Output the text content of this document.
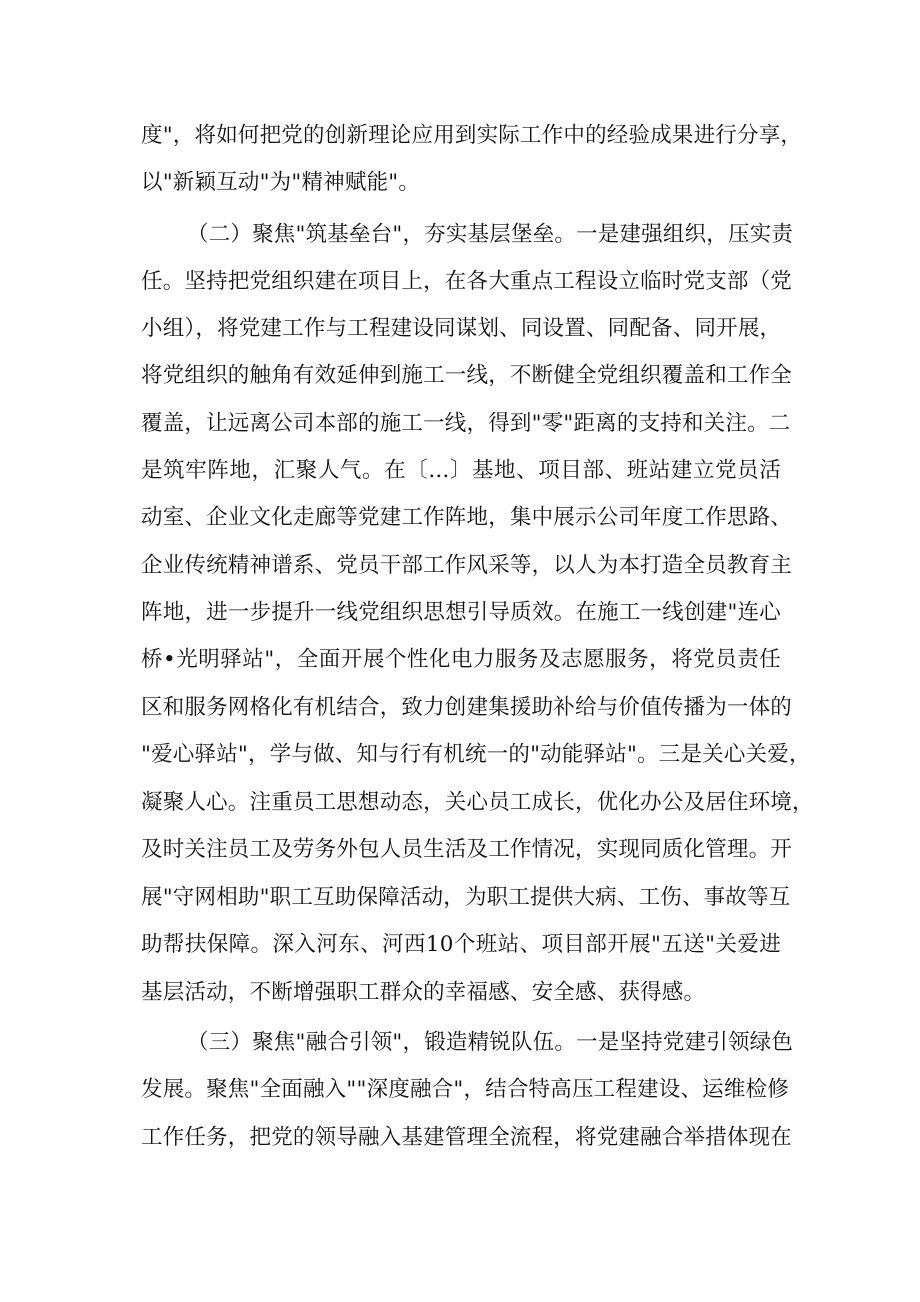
度"，将如何把党的创新理论应用到实际工作中的经验成果进行分享，
以"新颖互动"为"精神赋能"。
（二）聚焦"筑基垒台"，夯实基层堡垒。一是建强组织，压实责
任。坚持把党组织建在项目上，在各大重点工程设立临时党支部（党
小组），将党建工作与工程建设同谋划、同设置、同配备、同开展，
将党组织的触角有效延伸到施工一线，不断健全党组织覆盖和工作全
覆盖，让远离公司本部的施工一线，得到"零"距离的支持和关注。二
是筑牢阵地，汇聚人气。在〔...〕基地、项目部、班站建立党员活
动室、企业文化走廊等党建工作阵地，集中展示公司年度工作思路、
企业传统精神谱系、党员干部工作风采等，以人为本打造全员教育主
阵地，进一步提升一线党组织思想引导质效。在施工一线创建"连心
桥•光明驿站"，全面开展个性化电力服务及志愿服务，将党员责任
区和服务网格化有机结合，致力创建集援助补给与价值传播为一体的
"爱心驿站"，学与做、知与行有机统一的"动能驿站"。三是关心关爱，
凝聚人心。注重员工思想动态，关心员工成长，优化办公及居住环境，
及时关注员工及劳务外包人员生活及工作情况，实现同质化管理。开
展"守网相助"职工互助保障活动，为职工提供大病、工伤、事故等互
助帮扶保障。深入河东、河西10个班站、项目部开展"五送"关爱进
基层活动，不断增强职工群众的幸福感、安全感、获得感。
（三）聚焦"融合引领"，锻造精锐队伍。一是坚持党建引领绿色
发展。聚焦"全面融入""深度融合"，结合特高压工程建设、运维检修
工作任务，把党的领导融入基建管理全流程，将党建融合举措体现在
